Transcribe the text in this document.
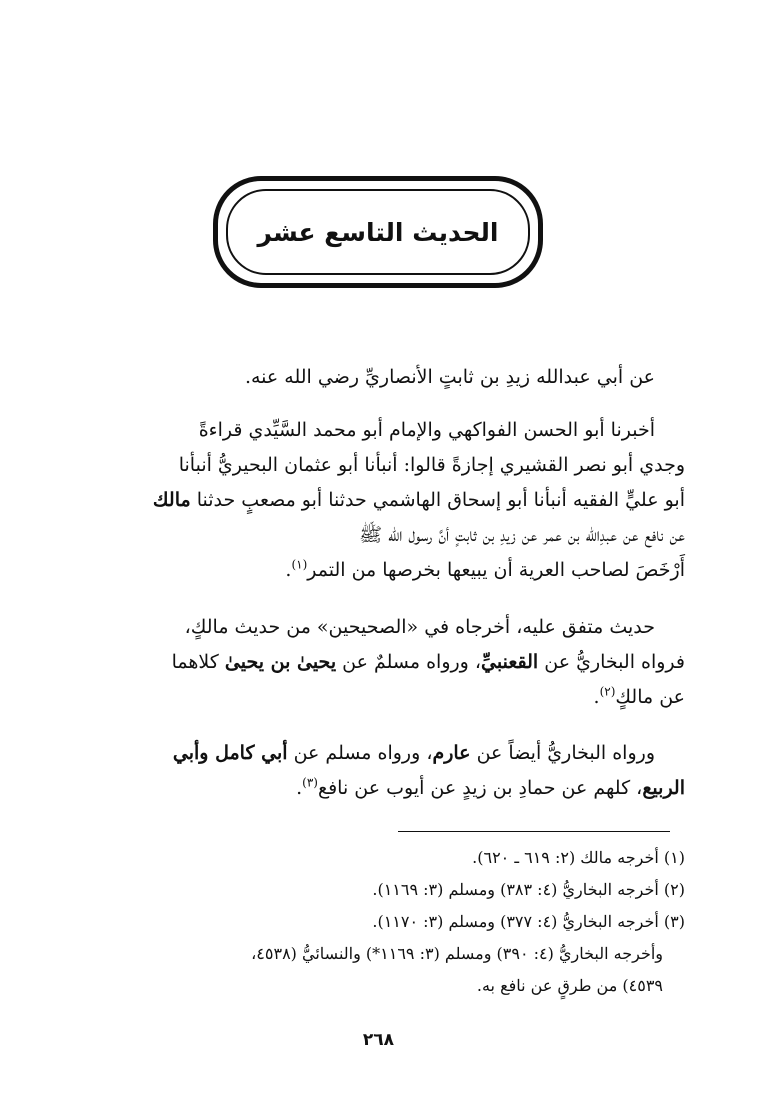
الحديث التاسع عشر

عن أبي عبدالله زيدِ بن ثابتٍ الأنصاريِّ رضي الله عنه.

أخبرنا أبو الحسن الفواكهي والإمام أبو محمد السَّيِّدي قراءةً
وجدي أبو نصر القشيري إجازةً قالوا: أنبأنا أبو عثمان البحيريُّ أنبأنا
أبو عليٍّ الفقيه أنبأنا أبو إسحاق الهاشمي حدثنا أبو مصعبٍ حدثنا مالك
عن نافع عن عبدِالله بن عمر عن زيدِ بن ثابتٍ أنَّ رسول الله ﷺ
أَرْخَصَ لصاحب العرية أن يبيعها بخرصها من التمر$^{(١)}$.

حديث متفق عليه، أخرجاه في «الصحيحين» من حديث مالكٍ،
فرواه البخاريُّ عن القعنبيِّ، ورواه مسلمٌ عن يحيىٰ بن يحيىٰ كلاهما
عن مالكٍ$^{(٢)}$.

ورواه البخاريُّ أيضاً عن عارم، ورواه مسلم عن أبي كامل وأبي
الربيع، كلهم عن حمادِ بن زيدٍ عن أيوب عن نافع$^{(٣)}$.

(١) أخرجه مالك (٢: ٦١٩ ـ ٦٢٠).
(٢) أخرجه البخاريُّ (٤: ٣٨٣) ومسلم (٣: ١١٦٩).
(٣) أخرجه البخاريُّ (٤: ٣٧٧) ومسلم (٣: ١١٧٠).
وأخرجه البخاريُّ (٤: ٣٩٠) ومسلم (٣: ١١٦٩*) والنسائيُّ (٤٥٣٨،
٤٥٣٩) من طرقٍ عن نافع به.
٢٦٨
